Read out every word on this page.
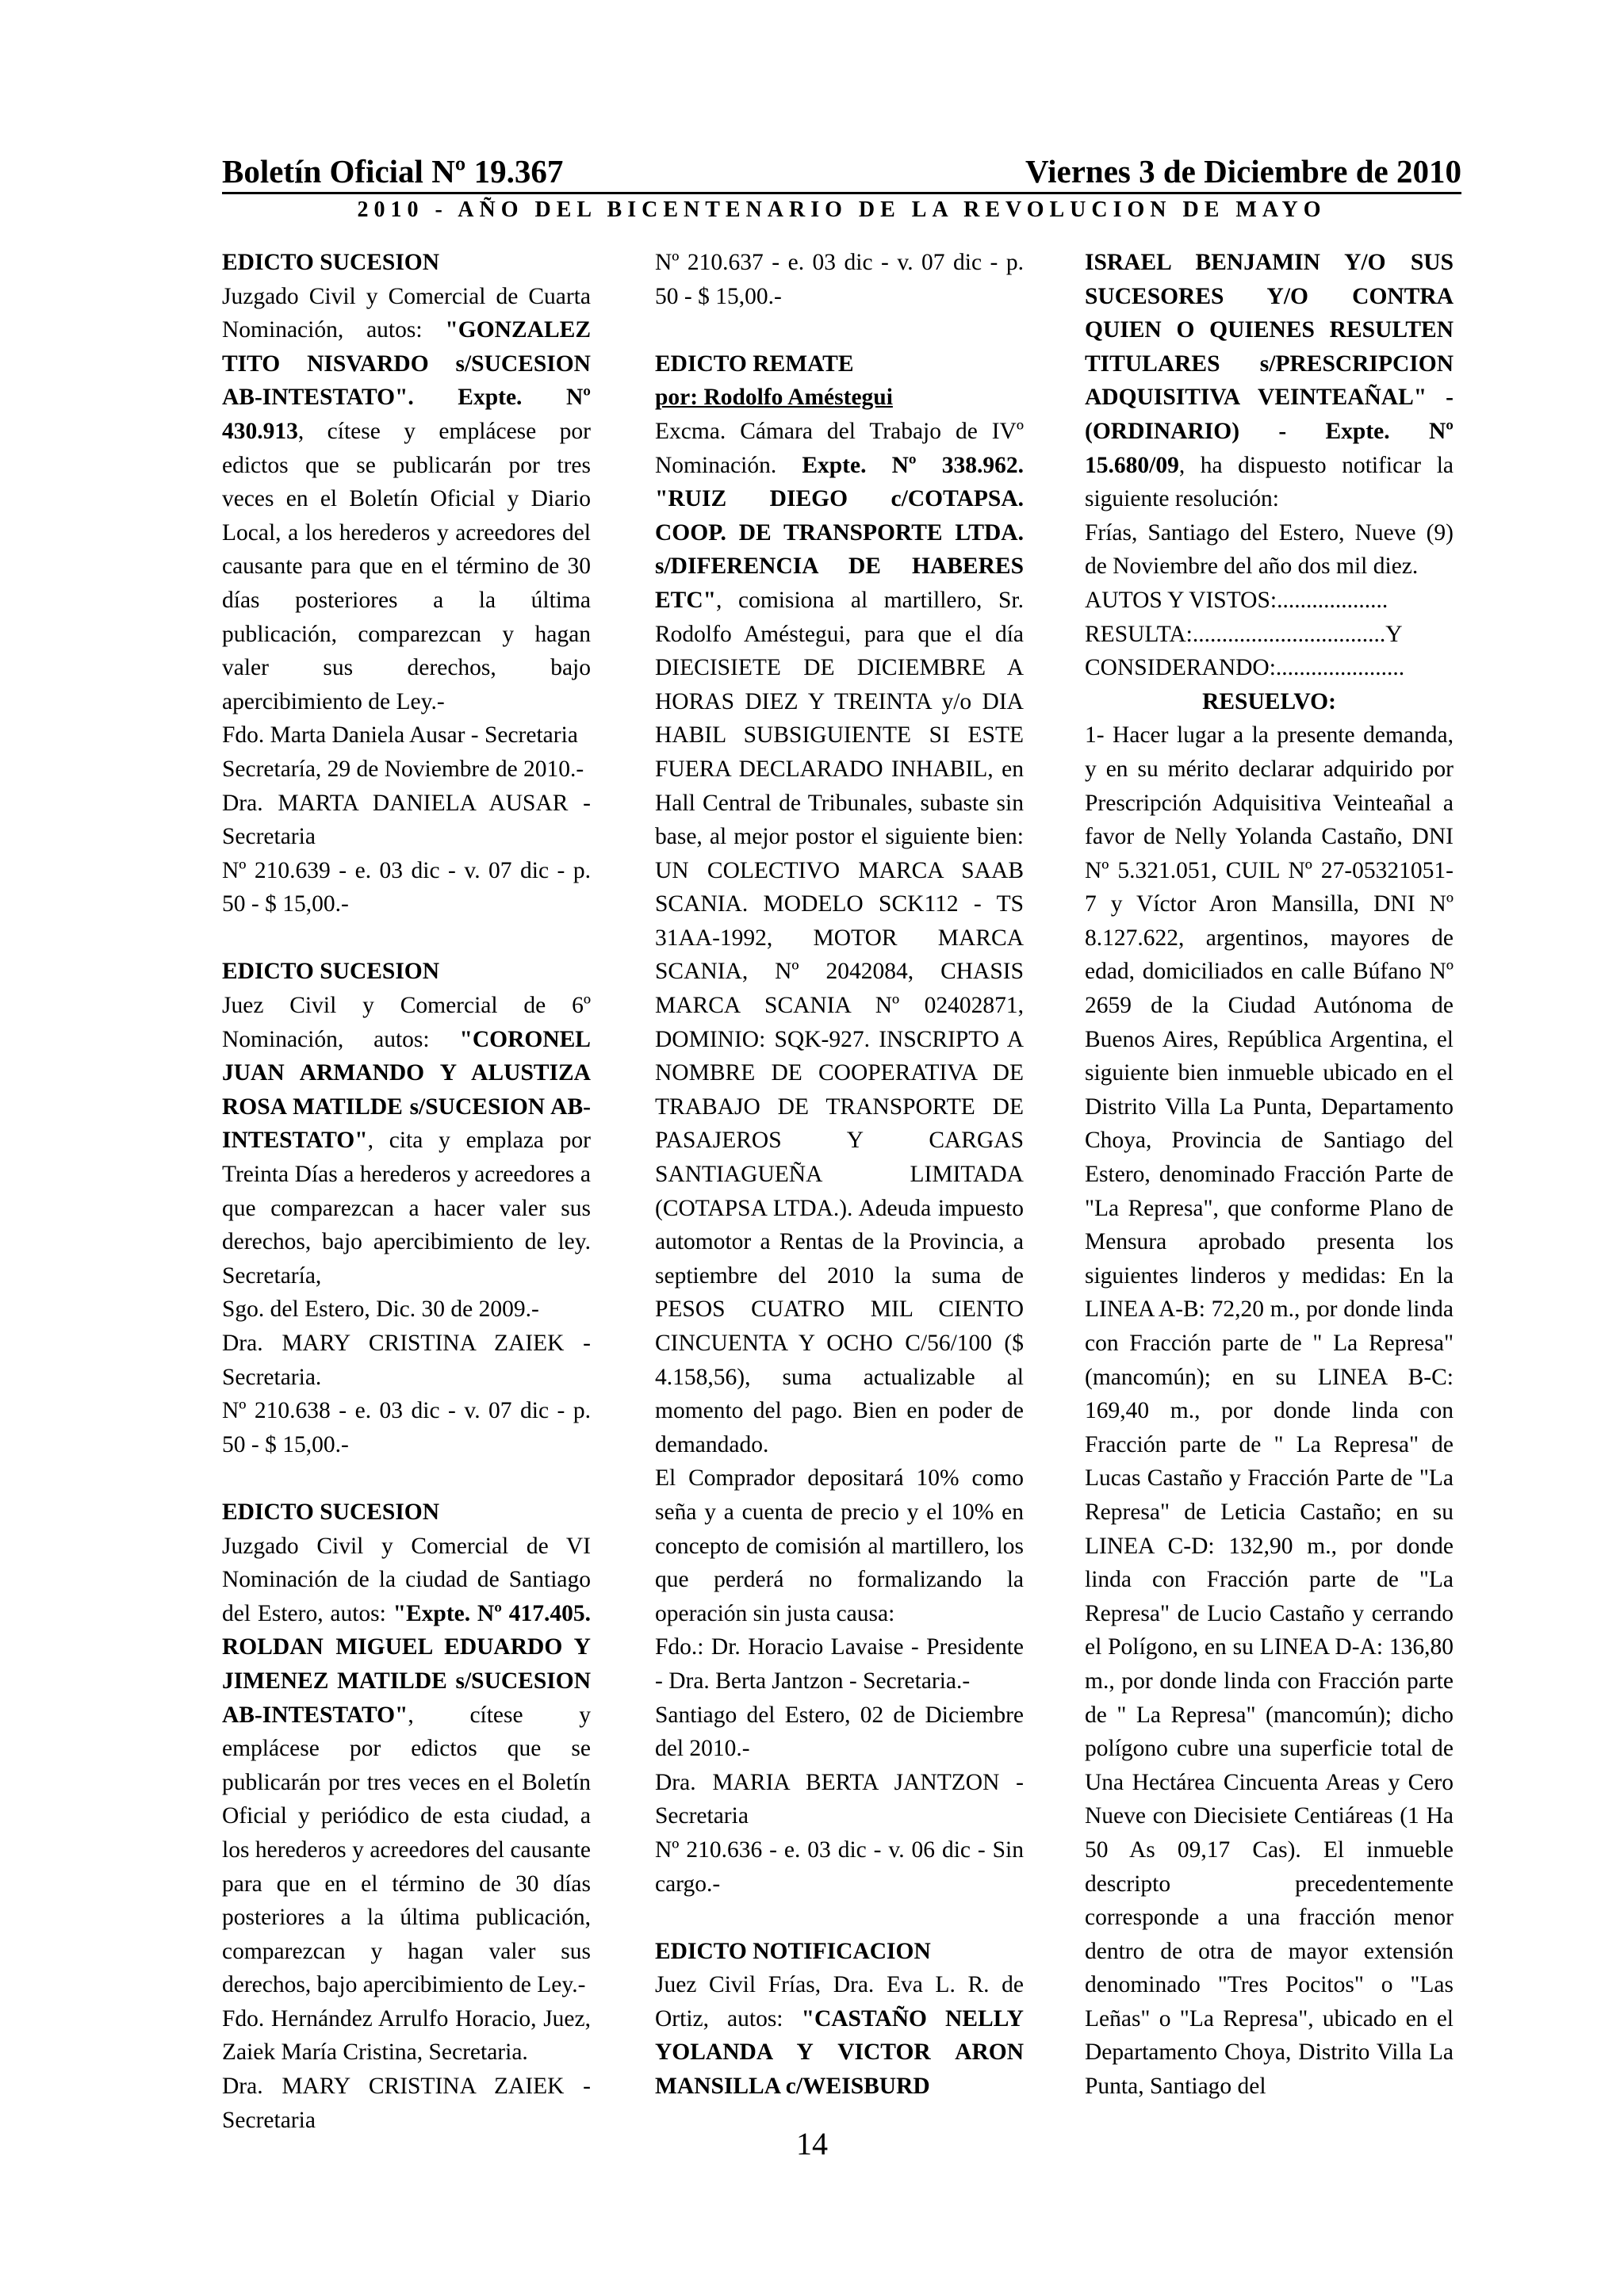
Boletín Oficial Nº 19.367	Viernes 3 de Diciembre de 2010
2010 - AÑO DEL BICENTENARIO DE LA REVOLUCION DE MAYO

EDICTO SUCESION

Juzgado Civil y Comercial de Cuarta Nominación, autos: "GONZALEZ TITO NISVARDO s/SUCESION AB-INTESTATO". Expte. Nº 430.913, cítese y emplácese por edictos que se publicarán por tres veces en el Boletín Oficial y Diario Local, a los herederos y acreedores del causante para que en el término de 30 días posteriores a la última publicación, comparezcan y hagan valer sus derechos, bajo apercibimiento de Ley.-

Fdo. Marta Daniela Ausar - Secretaria

Secretaría, 29 de Noviembre de 2010.-

Dra. MARTA DANIELA AUSAR - Secretaria

Nº 210.639 - e. 03 dic - v. 07 dic - p. 50 - $ 15,00.-

EDICTO SUCESION

Juez Civil y Comercial de 6º Nominación, autos: "CORONEL JUAN ARMANDO Y ALUSTIZA ROSA MATILDE s/SUCESION AB-INTESTATO", cita y emplaza por Treinta Días a herederos y acreedores a que comparezcan a hacer valer sus derechos, bajo apercibimiento de ley. Secretaría,

Sgo. del Estero, Dic. 30 de 2009.-

Dra. MARY CRISTINA ZAIEK - Secretaria.

Nº 210.638 - e. 03 dic - v. 07 dic - p. 50 - $ 15,00.-

EDICTO SUCESION

Juzgado Civil y Comercial de VI Nominación de la ciudad de Santiago del Estero, autos: "Expte. Nº 417.405. ROLDAN MIGUEL EDUARDO Y JIMENEZ MATILDE s/SUCESION AB-INTESTATO", cítese y emplácese por edictos que se publicarán por tres veces en el Boletín Oficial y periódico de esta ciudad, a los herederos y acreedores del causante para que en el término de 30 días posteriores a la última publicación, comparezcan y hagan valer sus derechos, bajo apercibimiento de Ley.-

Fdo. Hernández Arrulfo Horacio, Juez, Zaiek María Cristina, Secretaria.

Dra. MARY CRISTINA ZAIEK - Secretaria

Nº 210.637 - e. 03 dic - v. 07 dic - p. 50 - $ 15,00.-

EDICTO REMATE

por: Rodolfo Améstegui

Excma. Cámara del Trabajo de IVº Nominación. Expte. Nº 338.962. "RUIZ DIEGO c/COTAPSA. COOP. DE TRANSPORTE LTDA. s/DIFERENCIA DE HABERES ETC", comisiona al martillero, Sr. Rodolfo Améstegui, para que el día DIECISIETE DE DICIEMBRE A HORAS DIEZ Y TREINTA y/o DIA HABIL SUBSIGUIENTE SI ESTE FUERA DECLARADO INHABIL, en Hall Central de Tribunales, subaste sin base, al mejor postor el siguiente bien: UN COLECTIVO MARCA SAAB SCANIA. MODELO SCK112 - TS 31AA-1992, MOTOR MARCA SCANIA, Nº 2042084, CHASIS MARCA SCANIA Nº 02402871, DOMINIO: SQK-927. INSCRIPTO A NOMBRE DE COOPERATIVA DE TRABAJO DE TRANSPORTE DE PASAJEROS Y CARGAS SANTIAGUEÑA LIMITADA (COTAPSA LTDA.). Adeuda impuesto automotor a Rentas de la Provincia, a septiembre del 2010 la suma de PESOS CUATRO MIL CIENTO CINCUENTA Y OCHO C/56/100 ($ 4.158,56), suma actualizable al momento del pago. Bien en poder de demandado.

El Comprador depositará 10% como seña y a cuenta de precio y el 10% en concepto de comisión al martillero, los que perderá no formalizando la operación sin justa causa:

Fdo.: Dr. Horacio Lavaise - Presidente - Dra. Berta Jantzon - Secretaria.-

Santiago del Estero, 02 de Diciembre del 2010.-

Dra. MARIA BERTA JANTZON - Secretaria

Nº 210.636 - e. 03 dic - v. 06 dic - Sin cargo.-

EDICTO NOTIFICACION

Juez Civil Frías, Dra. Eva L. R. de Ortiz, autos: "CASTAÑO NELLY YOLANDA Y VICTOR ARON MANSILLA c/WEISBURD

ISRAEL BENJAMIN Y/O SUS SUCESORES Y/O CONTRA QUIEN O QUIENES RESULTEN TITULARES s/PRESCRIPCION ADQUISITIVA VEINTEAÑAL" - (ORDINARIO) - Expte. Nº 15.680/09, ha dispuesto notificar la siguiente resolución:

Frías, Santiago del Estero, Nueve (9) de Noviembre del año dos mil diez.

AUTOS Y VISTOS:...................

RESULTA:.................................Y CONSIDERANDO:......................

RESUELVO:

1- Hacer lugar a la presente demanda, y en su mérito declarar adquirido por Prescripción Adquisitiva Veinteañal a favor de Nelly Yolanda Castaño, DNI Nº 5.321.051, CUIL Nº 27-05321051-7 y Víctor Aron Mansilla, DNI Nº 8.127.622, argentinos, mayores de edad, domiciliados en calle Búfano Nº 2659 de la Ciudad Autónoma de Buenos Aires, República Argentina, el siguiente bien inmueble ubicado en el Distrito Villa La Punta, Departamento Choya, Provincia de Santiago del Estero, denominado Fracción Parte de "La Represa", que conforme Plano de Mensura aprobado presenta los siguientes linderos y medidas: En la LINEA A-B: 72,20 m., por donde linda con Fracción parte de " La Represa" (mancomún); en su LINEA B-C: 169,40 m., por donde linda con Fracción parte de " La Represa" de Lucas Castaño y Fracción Parte de "La Represa" de Leticia Castaño; en su LINEA C-D: 132,90 m., por donde linda con Fracción parte de "La Represa" de Lucio Castaño y cerrando el Polígono, en su LINEA D-A: 136,80 m., por donde linda con Fracción parte de " La Represa" (mancomún); dicho polígono cubre una superficie total de Una Hectárea Cincuenta Areas y Cero Nueve con Diecisiete Centiáreas (1 Ha 50 As 09,17 Cas). El inmueble descripto precedentemente corresponde a una fracción menor dentro de otra de mayor extensión denominado "Tres Pocitos" o "Las Leñas" o "La Represa", ubicado en el Departamento Choya, Distrito Villa La Punta, Santiago del

14
